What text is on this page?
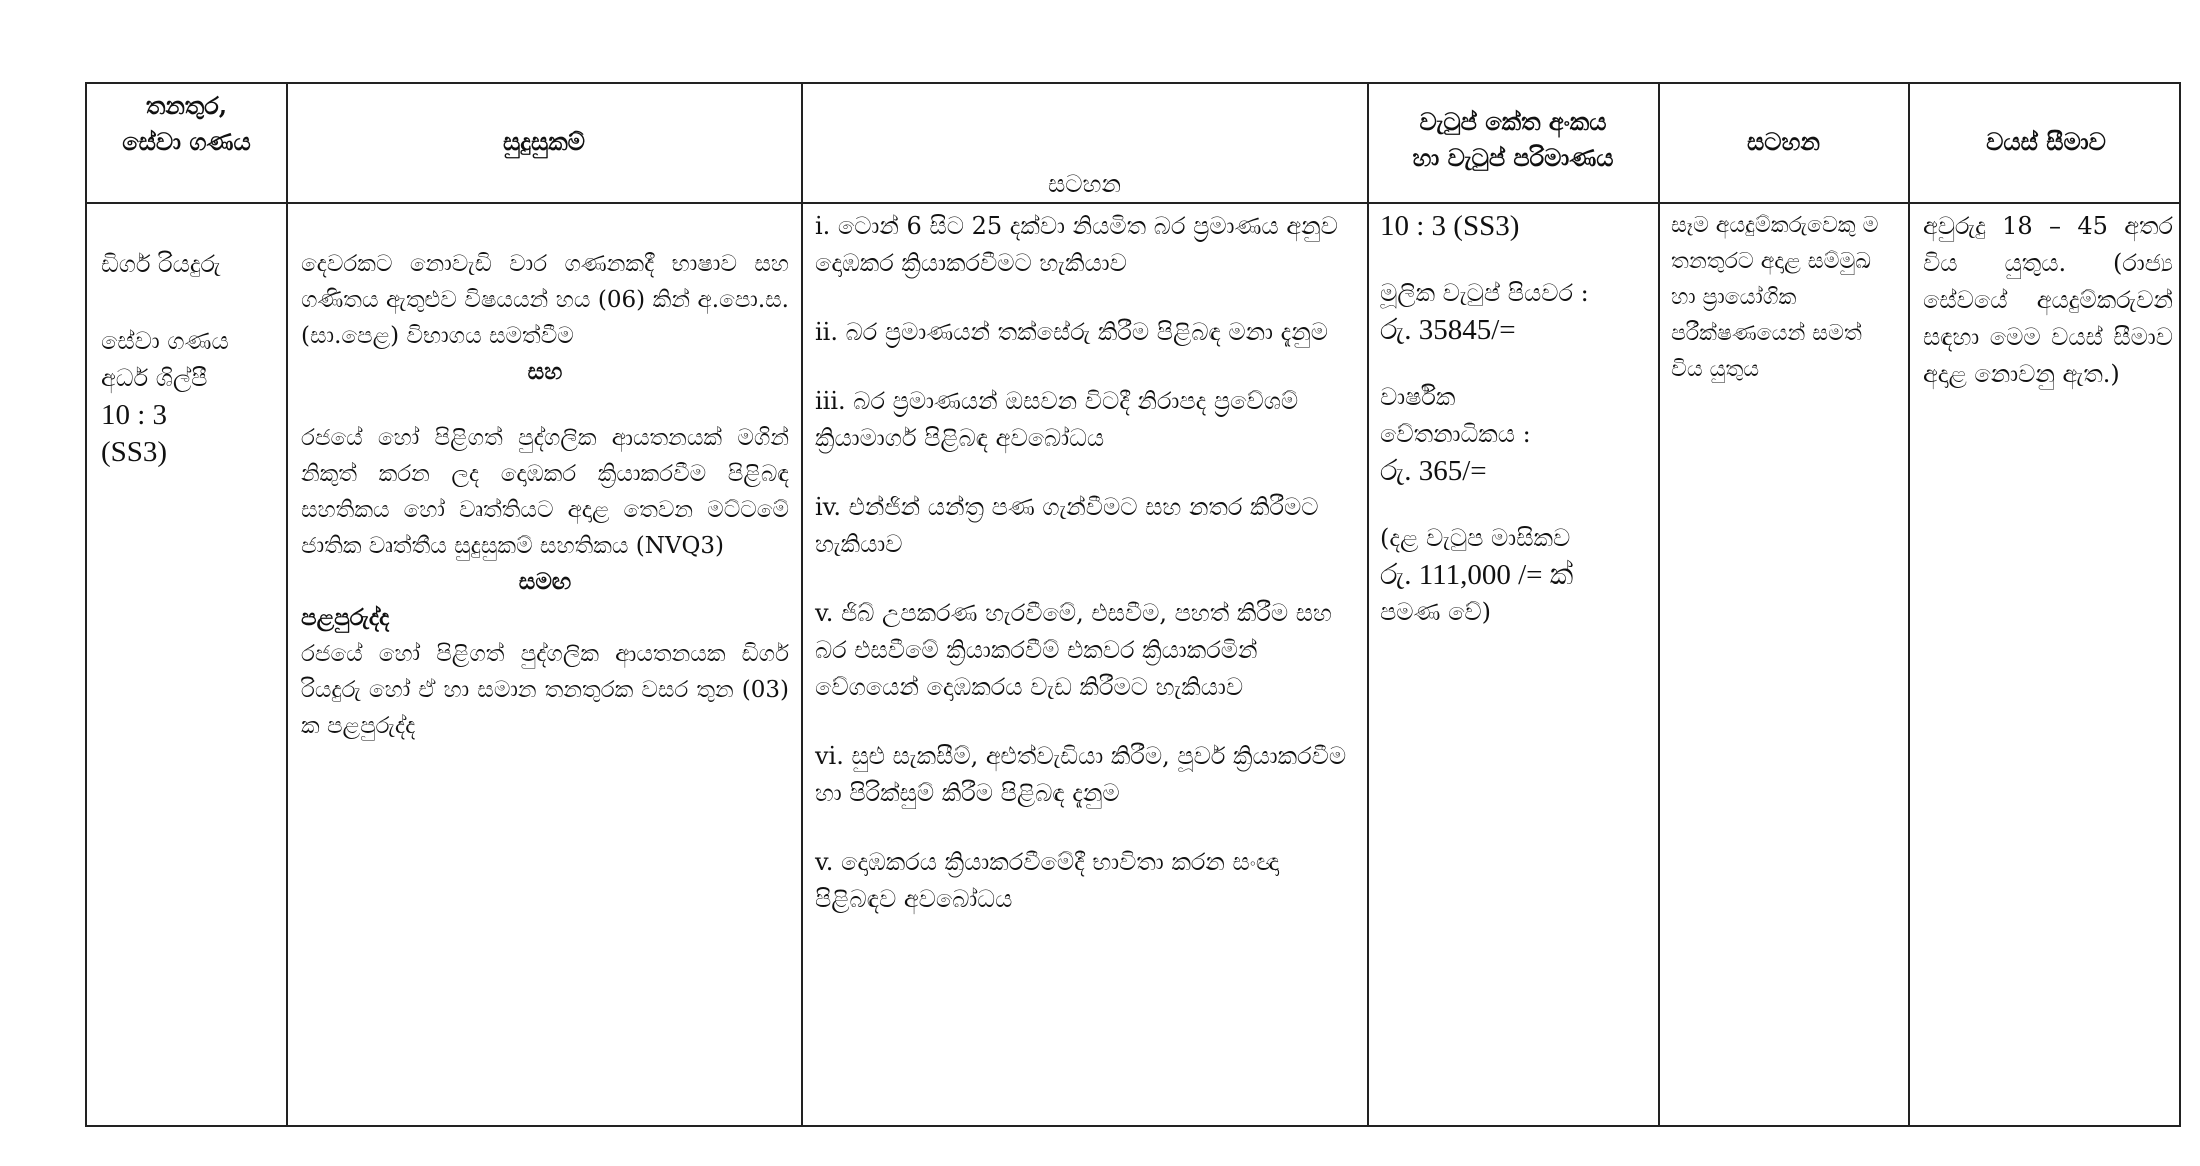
තනතුර,
සේවා ගණය	සුදුසුකම්
සටහන
වැටුප් කේත අංකය
හා වැටුප් පරිමාණය
සටහන	වයස් සීමාව
ඩිගර් රියදුරු
සේවා ගණය
අර්ධ ශිල්පී
10 : 3
(SS3)
දෙවරකට නොවැඩි වාර ගණනකදී භාෂාව සහ ගණිතය ඇතුළුව විෂයයන් හය (06) කින් අ.පො.ස. (සා.පෙළ) විභාගය සමත්වීම
සහ
රජයේ හෝ පිළිගත් පුද්ගලික ආයතනයක් මගින් නිකුත් කරන ලද දොඹකර ක්‍රියාකරවීම පිළිබඳ සහතිකය හෝ වෘත්තියට අදාළ තෙවන මට්ටමේ ජාතික වෘත්තීය සුදුසුකම් සහතිකය (NVQ3)
සමඟ
පළපුරුද්ද
රජයේ හෝ පිළිගත් පුද්ගලික ආයතනයක ඩිගර් රියදුරු හෝ ඒ හා සමාන තනතුරක වසර තුන (03) ක පළපුරුද්ද
i. ටොන් 6 සිට 25 දක්වා නියමිත බර ප්‍රමාණය අනුව දොඹකර ක්‍රියාකරවීමට හැකියාව
ii. බර ප්‍රමාණයන් තක්සේරු කිරීම පිළිබඳ මනා දැනුම
iii. බර ප්‍රමාණයන් ඔසවන විටදී නිරාපද ප්‍රවේශම් ක්‍රියාමාර්ග පිළිබඳ අවබෝධය
iv. එන්ජින් යන්ත්‍ර පණ ගැන්වීමට සහ නතර කිරීමට හැකියාව
v. ජිබ් උපකරණ හැරවීමේ, එසවීම, පහත් කිරීම සහ බර එසවීමේ ක්‍රියාකරවීම් එකවර ක්‍රියාකරමින් වේගයෙන් දොඹකරය වැඩ කිරීමට හැකියාව
vi. සුළු සැකසීම්, අළුත්වැඩියා කිරීම, පූර්ව ක්‍රියාකරවීම හා පිරික්සුම් කිරීම පිළිබඳ දැනුම
v. දොඹකරය ක්‍රියාකරවීමේදී භාවිතා කරන සංඥා පිළිබඳව අවබෝධය
10 : 3 (SS3)
මූලික වැටුප් පියවර :
රු. 35845/=
වාර්ෂික
වේතනාධිකය :
රු. 365/=
(දළ වැටුප මාසිකව
රු. 111,000 /= ක්
පමණ වේ)
සෑම අයදුම්කරුවෙකු ම තනතුරට අදාළ සම්මුඛ හා ප්‍රායෝගික පරීක්ෂණයෙන් සමත් විය යුතුය
අවුරුදු 18 – 45 අතර විය යුතුය. (රාජ්‍ය සේවයේ අයදුම්කරුවන් සඳහා මෙම වයස් සීමාව අදාළ නොවනු ඇත.)
